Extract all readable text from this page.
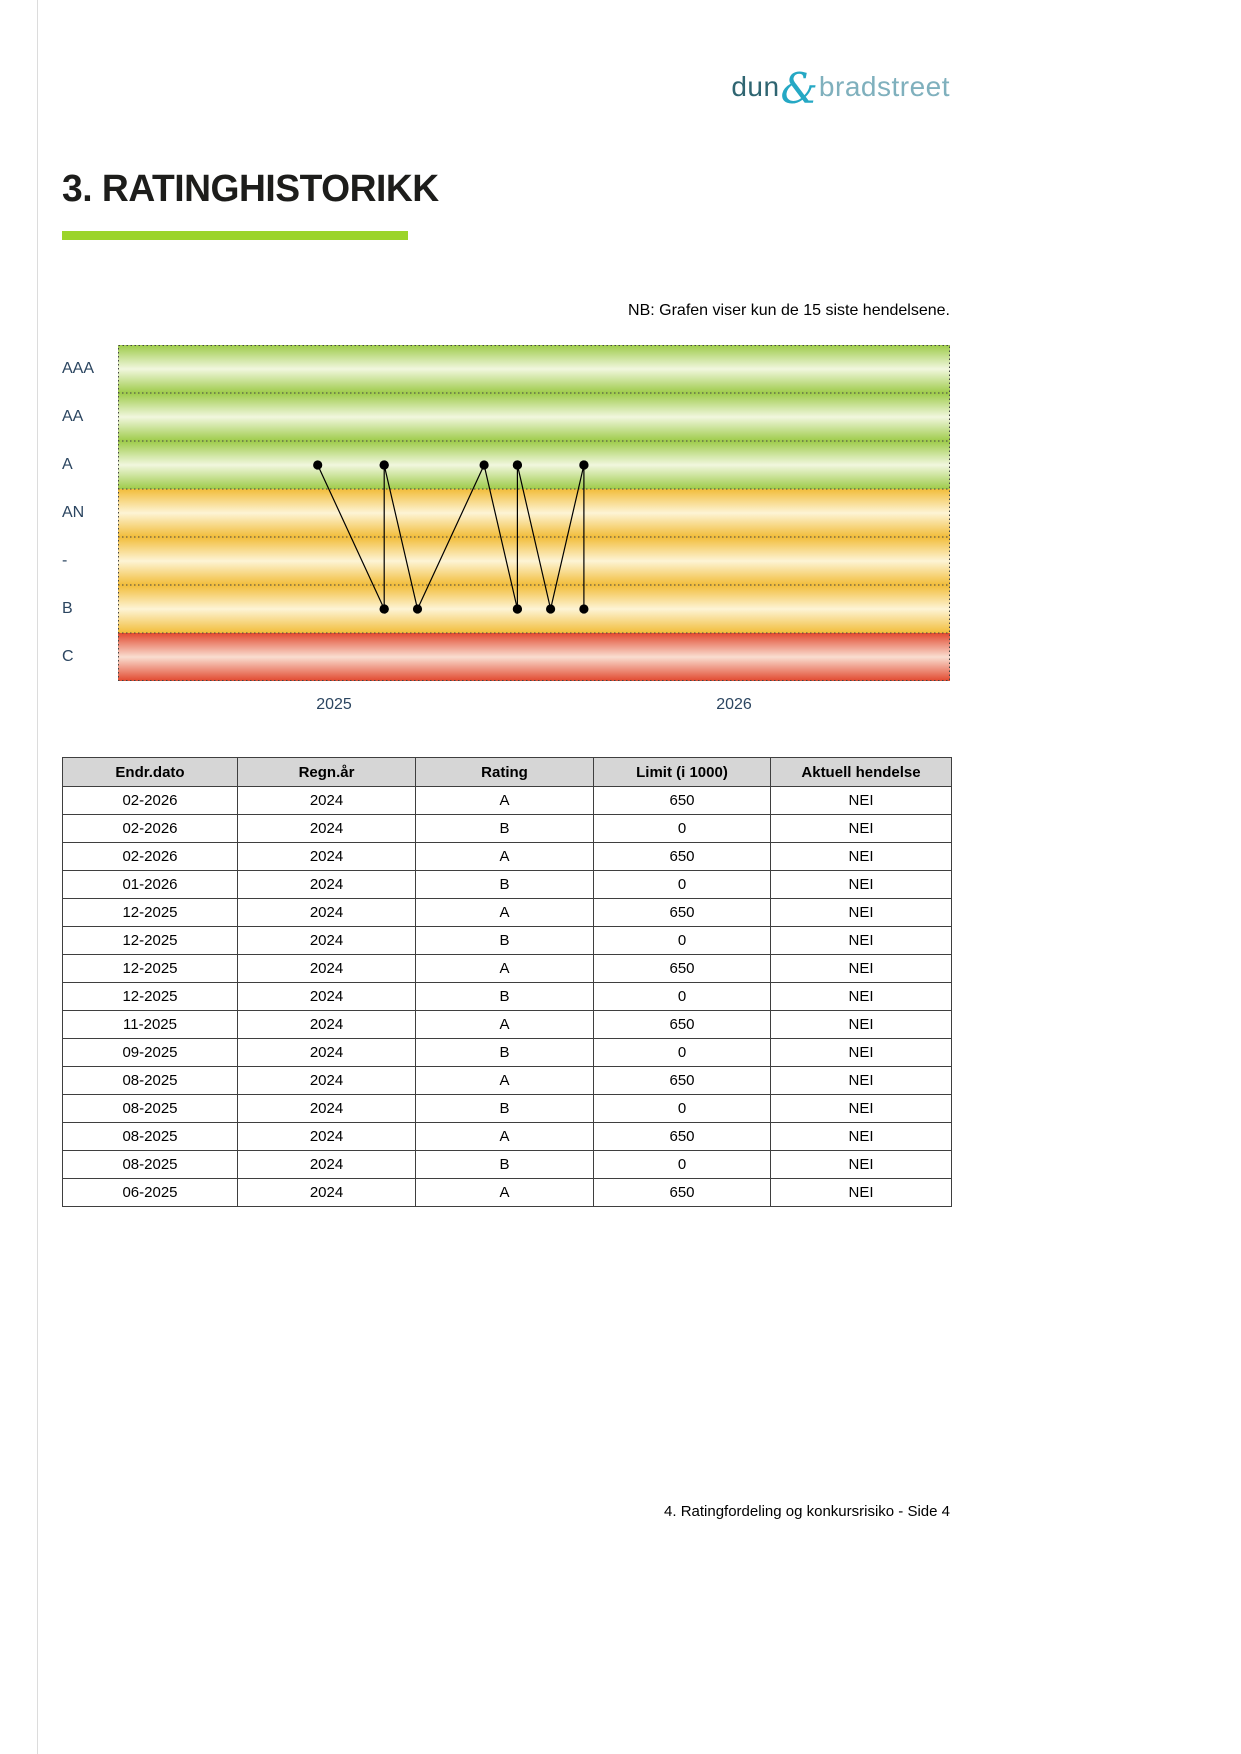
dun&bradstreet
3. RATINGHISTORIKK
NB: Grafen viser kun de 15 siste hendelsene.
AAA
AA
A
AN
-
B
C
2025	2026
Endr.dato	Regn.år	Rating	Limit (i 1000)	Aktuell hendelse
02-2026	2024	A	650	NEI
02-2026	2024	B	0	NEI
02-2026	2024	A	650	NEI
01-2026	2024	B	0	NEI
12-2025	2024	A	650	NEI
12-2025	2024	B	0	NEI
12-2025	2024	A	650	NEI
12-2025	2024	B	0	NEI
11-2025	2024	A	650	NEI
09-2025	2024	B	0	NEI
08-2025	2024	A	650	NEI
08-2025	2024	B	0	NEI
08-2025	2024	A	650	NEI
08-2025	2024	B	0	NEI
06-2025	2024	A	650	NEI
4. Ratingfordeling og konkursrisiko - Side 4
